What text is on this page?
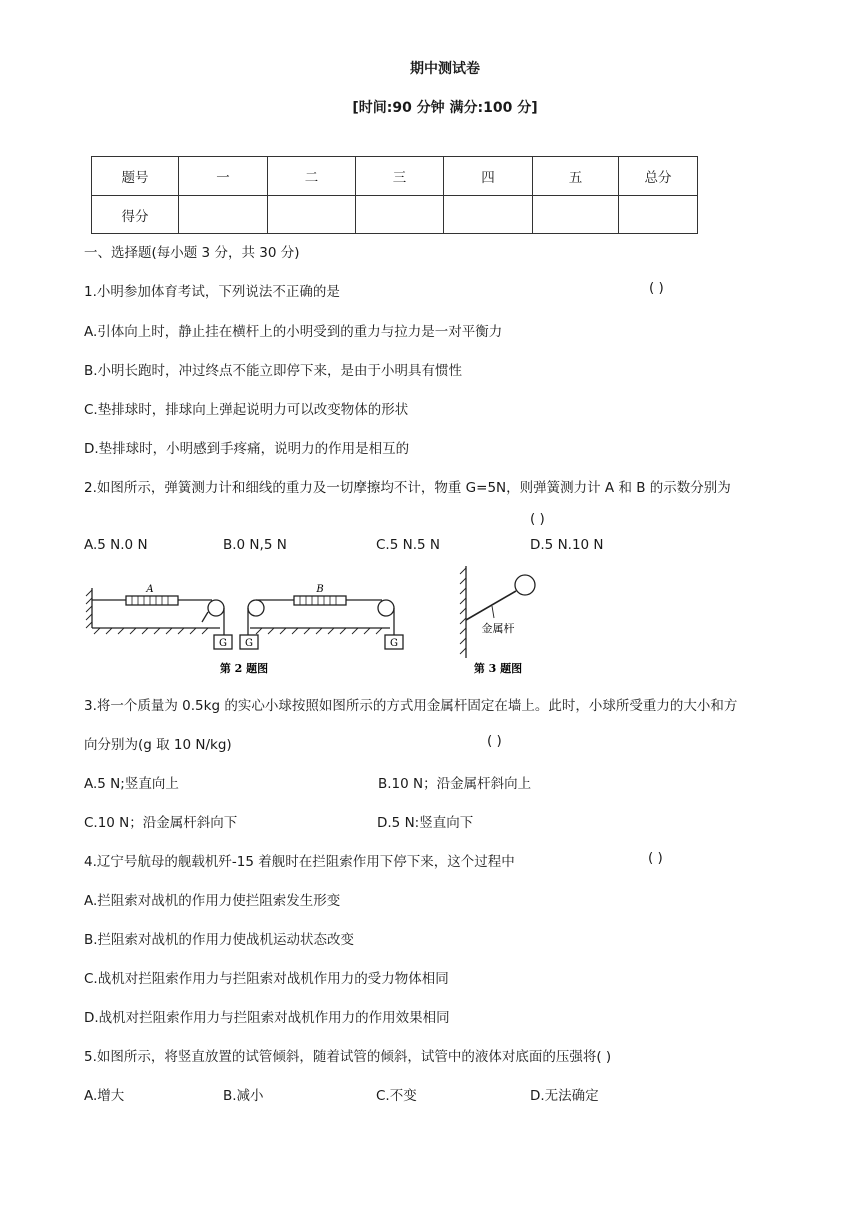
期中测试卷
[时间:90 分钟 满分:100 分]
题号	一	二	三	四	五	总分
得分						
一、选择题(每小题 3 分，共 30 分)
1.小明参加体育考试，下列说法不正确的是	( )
A.引体向上时，静止挂在横杆上的小明受到的重力与拉力是一对平衡力
B.小明长跑时，冲过终点不能立即停下来，是由于小明具有惯性
C.垫排球时，排球向上弹起说明力可以改变物体的形状
D.垫排球时，小明感到手疼痛，说明力的作用是相互的
2.如图所示，弹簧测力计和细线的重力及一切摩擦均不计，物重 G=5N，则弹簧测力计 A 和 B 的示数分别为
( )
A.5 N.0 N	B.0 N,5 N	C.5 N.5 N	D.5 N.10 N
A	B
G G	G
第 2 题图
金属杆
第 3 题图
3.将一个质量为 0.5kg 的实心小球按照如图所示的方式用金属杆固定在墙上。此时，小球所受重力的大小和方
向分别为(g 取 10 N/kg)	( )
A.5 N;竖直向上	B.10 N；沿金属杆斜向上
C.10 N；沿金属杆斜向下	D.5 N:竖直向下
4.辽宁号航母的舰载机歼-15 着舰时在拦阻索作用下停下来，这个过程中	( )
A.拦阻索对战机的作用力使拦阻索发生形变
B.拦阻索对战机的作用力使战机运动状态改变
C.战机对拦阻索作用力与拦阻索对战机作用力的受力物体相同
D.战机对拦阻索作用力与拦阻索对战机作用力的作用效果相同
5.如图所示，将竖直放置的试管倾斜，随着试管的倾斜，试管中的液体对底面的压强将( )
A.增大	B.减小	C.不变	D.无法确定
